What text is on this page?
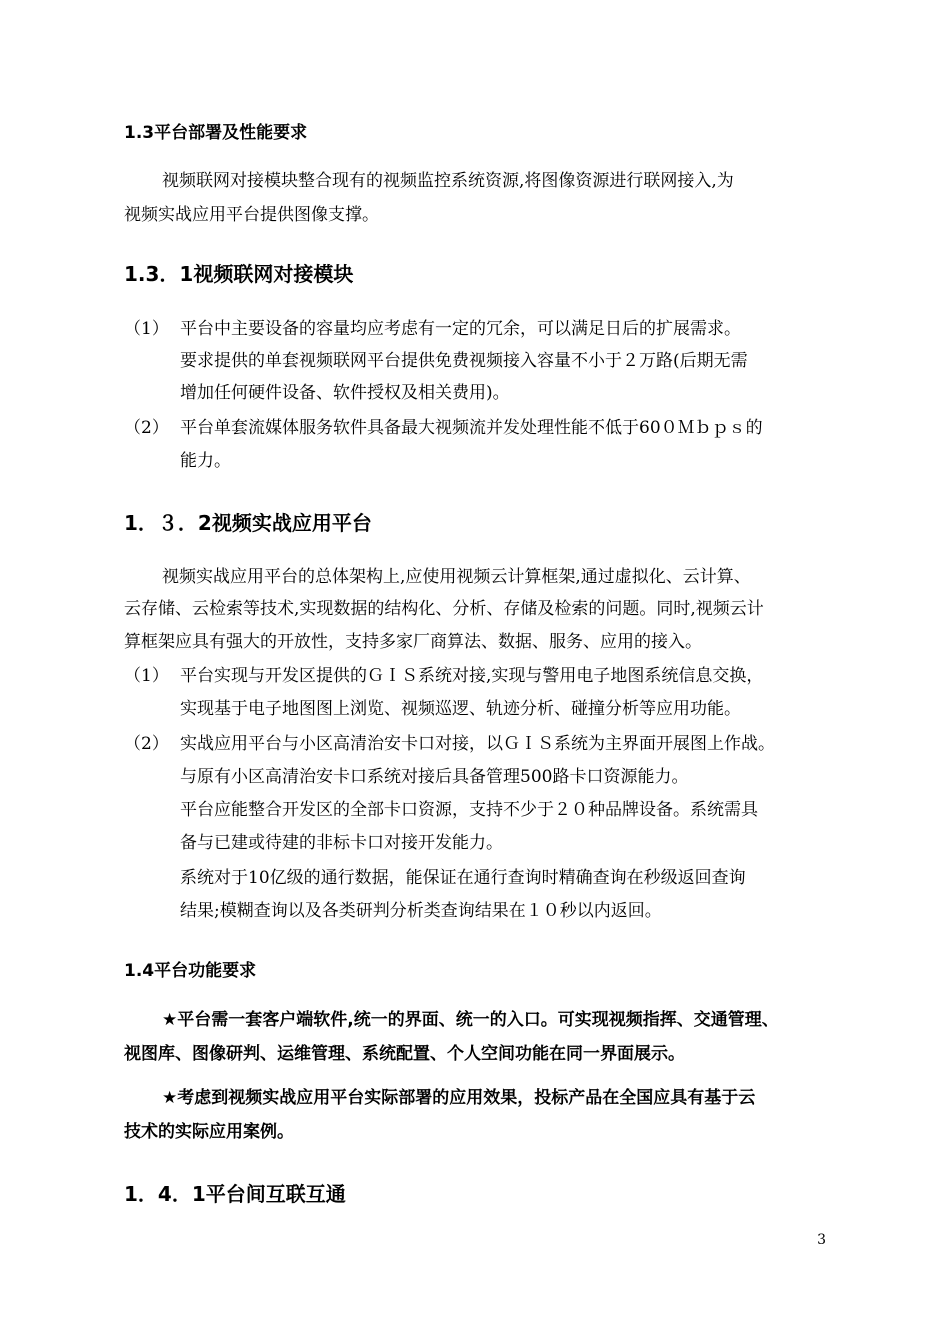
1.3平台部署及性能要求
视频联网对接模块整合现有的视频监控系统资源,将图像资源进行联网接入,为
视频实战应用平台提供图像支撑。
1.3．1视频联网对接模块
（1） 平台中主要设备的容量均应考虑有一定的冗余，可以满足日后的扩展需求。
要求提供的单套视频联网平台提供免费视频接入容量不小于２万路(后期无需
增加任何硬件设备、软件授权及相关费用)。
（2） 平台单套流媒体服务软件具备最大视频流并发处理性能不低于60０Ｍｂｐｓ的
能力。
1．３．2视频实战应用平台
视频实战应用平台的总体架构上,应使用视频云计算框架,通过虚拟化、云计算、
云存储、云检索等技术,实现数据的结构化、分析、存储及检索的问题。同时,视频云计
算框架应具有强大的开放性，支持多家厂商算法、数据、服务、应用的接入。
（1） 平台实现与开发区提供的ＧＩＳ系统对接,实现与警用电子地图系统信息交换，
实现基于电子地图图上浏览、视频巡逻、轨迹分析、碰撞分析等应用功能。
（2） 实战应用平台与小区高清治安卡口对接，以ＧＩＳ系统为主界面开展图上作战。
与原有小区高清治安卡口系统对接后具备管理500路卡口资源能力。
平台应能整合开发区的全部卡口资源，支持不少于２０种品牌设备。系统需具
备与已建或待建的非标卡口对接开发能力。
系统对于10亿级的通行数据，能保证在通行查询时精确查询在秒级返回查询
结果;模糊查询以及各类研判分析类查询结果在１０秒以内返回。
1.4平台功能要求
★平台需一套客户端软件,统一的界面、统一的入口。可实现视频指挥、交通管理、
视图库、图像研判、运维管理、系统配置、个人空间功能在同一界面展示。
★考虑到视频实战应用平台实际部署的应用效果，投标产品在全国应具有基于云
技术的实际应用案例。
1．4．1平台间互联互通
3
